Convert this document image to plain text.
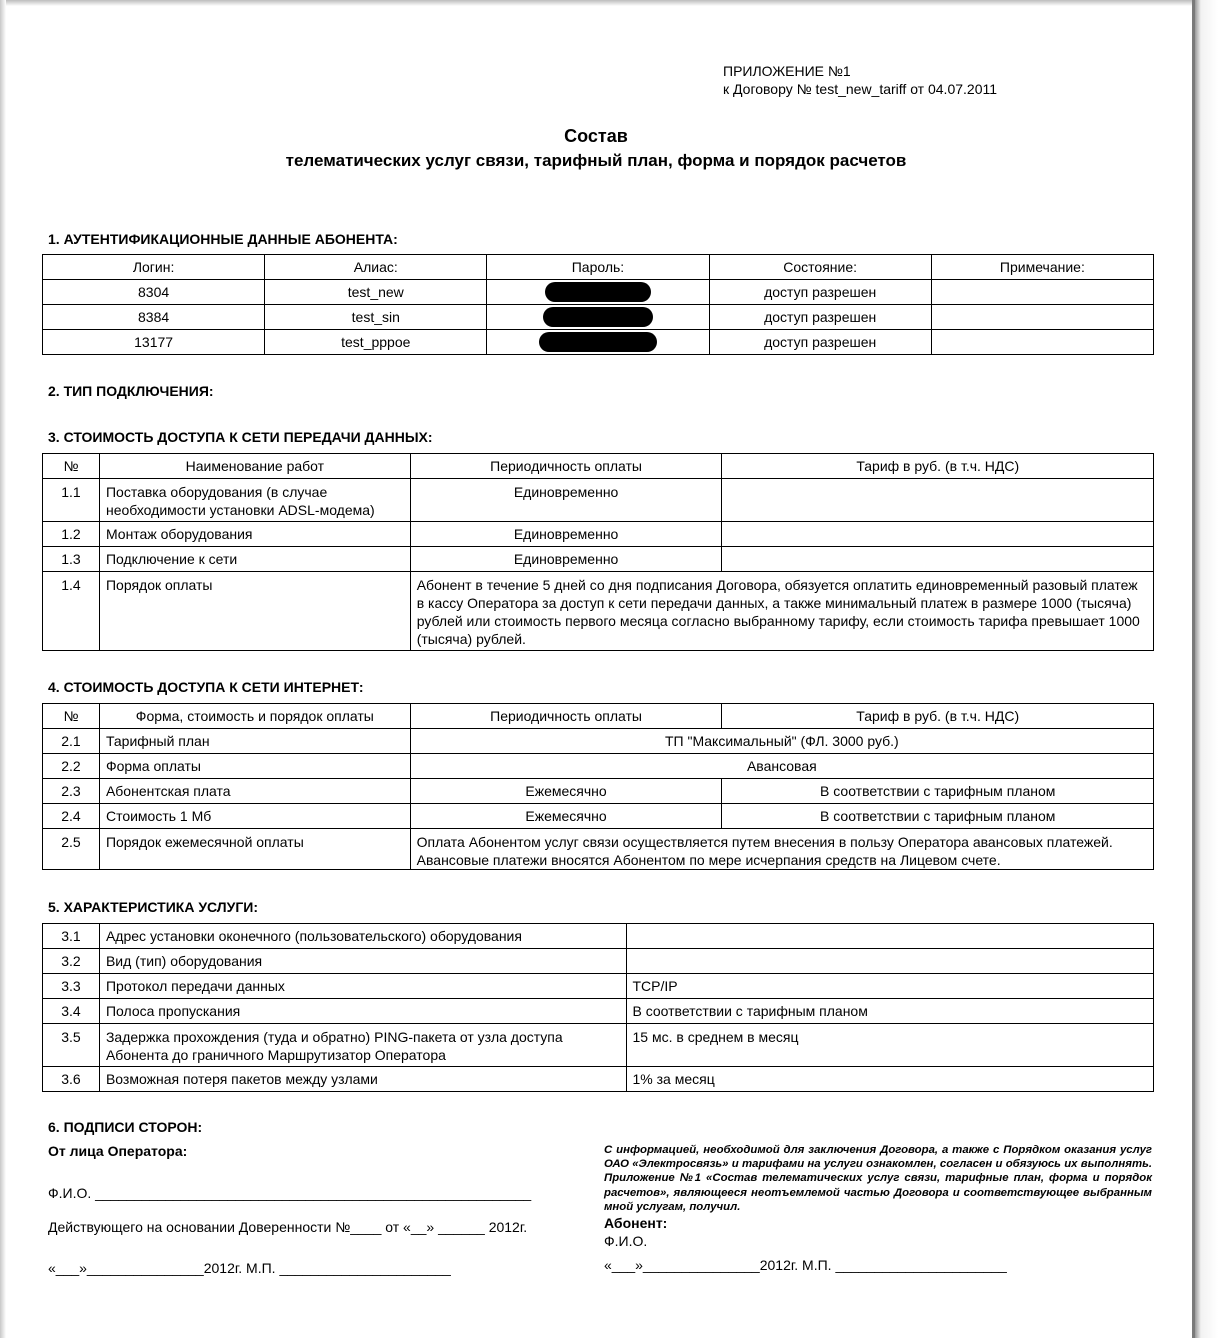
ПРИЛОЖЕНИЕ №1
к Договору № test_new_tariff от 04.07.2011
Состав
телематических услуг связи, тарифный план, форма и порядок расчетов
1. АУТЕНТИФИКАЦИОННЫЕ ДАННЫЕ АБОНЕНТА:
Логин:	Алиас:	Пароль:	Состояние:	Примечание:
8304	test_new		доступ разрешен	
8384	test_sin		доступ разрешен	
13177	test_pppoe		доступ разрешен	
2. ТИП ПОДКЛЮЧЕНИЯ:
3. СТОИМОСТЬ ДОСТУПА К СЕТИ ПЕРЕДАЧИ ДАННЫХ:
№	Наименование работ	Периодичность оплаты	Тариф в руб. (в т.ч. НДС)
1.1	Поставка оборудования (в случае необходимости установки ADSL-модема)	Единовременно	
1.2	Монтаж оборудования	Единовременно	
1.3	Подключение к сети	Единовременно	
1.4	Порядок оплаты	Абонент в течение 5 дней со дня подписания Договора, обязуется оплатить единовременный разовый платеж в кассу Оператора за доступ к сети передачи данных, а также минимальный платеж в размере 1000 (тысяча) рублей или стоимость первого месяца согласно выбранному тарифу, если стоимость тарифа превышает 1000 (тысяча) рублей.	
4. СТОИМОСТЬ ДОСТУПА К СЕТИ ИНТЕРНЕТ:
№	Форма, стоимость и порядок оплаты	Периодичность оплаты	Тариф в руб. (в т.ч. НДС)
2.1	Тарифный план	ТП "Максимальный" (ФЛ. 3000 руб.)	
2.2	Форма оплаты	Авансовая	
2.3	Абонентская плата	Ежемесячно	В соответствии с тарифным планом
2.4	Стоимость 1 Мб	Ежемесячно	В соответствии с тарифным планом
2.5	Порядок ежемесячной оплаты	Оплата Абонентом услуг связи осуществляется путем внесения в пользу Оператора авансовых платежей. Авансовые платежи вносятся Абонентом по мере исчерпания средств на Лицевом счете.	
5. ХАРАКТЕРИСТИКА УСЛУГИ:
3.1	Адрес установки оконечного (пользовательского) оборудования	
3.2	Вид (тип) оборудования	
3.3	Протокол передачи данных	TCP/IP
3.4	Полоса пропускания	В соответствии с тарифным планом
3.5	Задержка прохождения (туда и обратно) PING-пакета от узла доступа Абонента до граничного Маршрутизатор Оператора	15 мс. в среднем в месяц
3.6	Возможная потеря пакетов между узлами	1% за месяц
6. ПОДПИСИ СТОРОН:
От лица Оператора:
Ф.И.О. ________________________________________________________
Действующего на основании Доверенности №____ от «__» ______ 2012г.
«___»_______________2012г. М.П. ______________________
С информацией, необходимой для заключения Договора, а также с Порядком оказания услуг ОАО «Электросвязь» и тарифами на услуги ознакомлен, согласен и обязуюсь их выполнять. Приложение №1 «Состав телематических услуг связи, тарифные план, форма и порядок расчетов», являющееся неотъемлемой частью Договора и соответствующее выбранным мной услугам, получил.
Абонент:
Ф.И.О.
«___»_______________2012г. М.П. ______________________
